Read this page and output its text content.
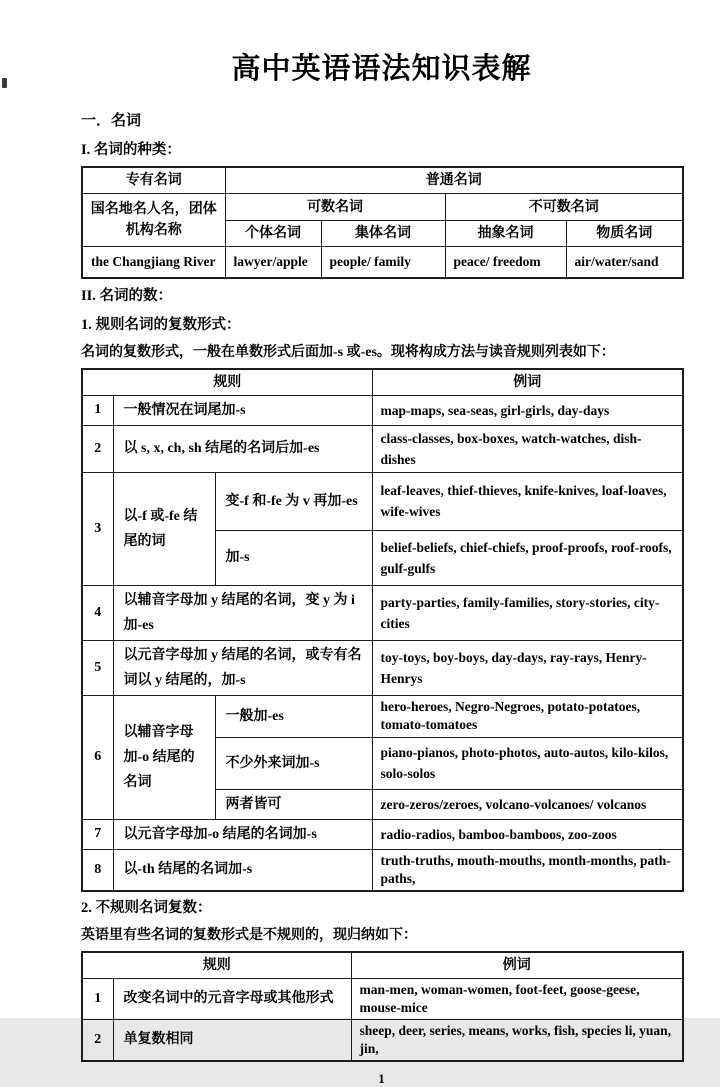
高中英语语法知识表解
一．名词
I. 名词的种类：
专有名词	普通名词			
国名地名人名，团体机构名称	可数名词		不可数名词	
	个体名词	集体名词	抽象名词	物质名词
the Changjiang River	lawyer/apple	people/ family	peace/ freedom	air/water/sand
II. 名词的数：
1. 规则名词的复数形式：
名词的复数形式，一般在单数形式后面加-s 或-es。现将构成方法与读音规则列表如下：
规则			例词
1	一般情况在词尾加-s		map-maps, sea-seas, girl-girls, day-days
2	以 s, x, ch, sh 结尾的名词后加-es		class-classes, box-boxes, watch-watches, dish-dishes
3	以-f 或-fe 结尾的词	变-f 和-fe 为 v 再加-es	leaf-leaves, thief-thieves, knife-knives, loaf-loaves, wife-wives
		加-s	belief-beliefs, chief-chiefs, proof-proofs, roof-roofs, gulf-gulfs
4	以辅音字母加 y 结尾的名词，变 y 为 i 加-es		party-parties, family-families, story-stories, city-cities
5	以元音字母加 y 结尾的名词，或专有名词以 y 结尾的，加-s		toy-toys, boy-boys, day-days, ray-rays, Henry-Henrys
6	以辅音字母加-o 结尾的名词	一般加-es	hero-heroes, Negro-Negroes, potato-potatoes, tomato-tomatoes
		不少外来词加-s	piano-pianos, photo-photos, auto-autos, kilo-kilos, solo-solos
		两者皆可	zero-zeros/zeroes, volcano-volcanoes/ volcanos
7	以元音字母加-o 结尾的名词加-s		radio-radios, bamboo-bamboos, zoo-zoos
8	以-th 结尾的名词加-s		truth-truths, mouth-mouths, month-months, path-paths,
2. 不规则名词复数：
英语里有些名词的复数形式是不规则的，现归纳如下：
规则		例词
1	改变名词中的元音字母或其他形式	man-men, woman-women, foot-feet, goose-geese, mouse-mice
2	单复数相同	sheep, deer, series, means, works, fish, species li, yuan, jin,
1
